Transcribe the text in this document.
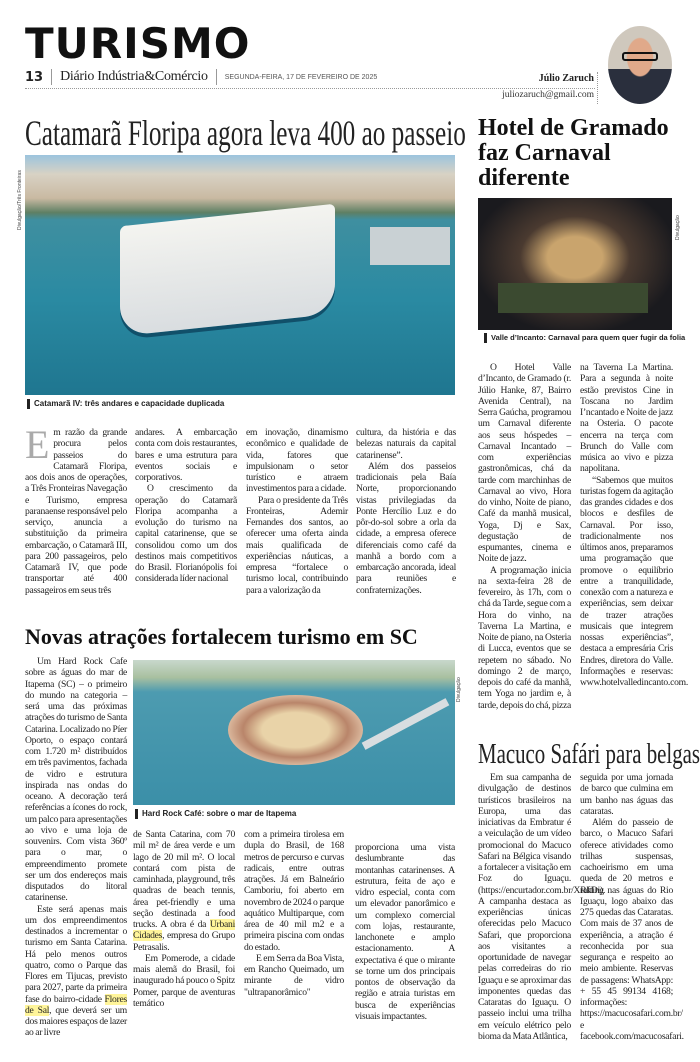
TURISMO
13 Diário Indústria&Comércio SEGUNDA-FEIRA, 17 DE FEVEREIRO DE 2025	Júlio Zaruch
juliozaruch@gmail.com
Catamarã Floripa agora leva 400 ao passeio
Divulgação/Três Fronteiras
Catamarã IV: três andares e capacidade duplicada
Em razão da grande procura pelos passeios do Catamarã Floripa, aos dois anos de operações, a Três Fronteiras Navegação e Turismo, empresa paranaense responsável pelo serviço, anuncia a substituição da primeira embarcação, o Catamarã III, para 200 passageiros, pelo Catamarã IV, que pode transportar até 400 passageiros em seus três

andares. A embarcação conta com dois restaurantes, bares e uma estrutura para eventos sociais e corporativos.

O crescimento da operação do Catamarã Floripa acompanha a evolução do turismo na capital catarinense, que se consolidou como um dos destinos mais competitivos do Brasil. Florianópolis foi considerada líder nacional

em inovação, dinamismo econômico e qualidade de vida, fatores que impulsionam o setor turístico e atraem investimentos para a cidade.

Para o presidente da Três Fronteiras, Ademir Fernandes dos santos, ao oferecer uma oferta ainda mais qualificada de experiências náuticas, a empresa “fortalece o turismo local, contribuindo para a valorização da

cultura, da história e das belezas naturais da capital catarinense”.

Além dos passeios tradicionais pela Baía Norte, proporcionando vistas privilegiadas da Ponte Hercílio Luz e do pôr-do-sol sobre a orla da cidade, a empresa oferece diferenciais como café da manhã a bordo com a embarcação ancorada, ideal para reuniões e confraternizações.

Hotel de Gramado faz Carnaval diferente
Divulgação
Valle d’Incanto: Carnaval para quem quer fugir da folia

O Hotel Valle d’Incanto, de Gramado (r. Júlio Hanke, 87, Bairro Avenida Central), na Serra Gaúcha, programou um Carnaval diferente aos seus hóspedes – Carnaval Incantado – com experiências gastronômicas, chá da tarde com marchinhas de Carnaval ao vivo, Hora do vinho, Noite de piano, Café da manhã musical, Yoga, Dj e Sax, degustação de espumantes, cinema e Noite de jazz.

A programação inicia na sexta-feira 28 de fevereiro, às 17h, com o chá da Tarde, segue com a Hora do vinho, na Taverna La Martina, e Noite de piano, na Osteria di Lucca, eventos que se repetem no sábado. No domingo 2 de março, depois do café da manhã, tem Yoga no jardim e, à tarde, depois do chá, pizza

na Taverna La Martina. Para a segunda à noite estão previstos Cine in Toscana no Jardim I’ncantado e Noite de jazz na Osteria. O pacote encerra na terça com Brunch do Valle com música ao vivo e pizza napolitana.

“Sabemos que muitos turistas fogem da agitação das grandes cidades e dos blocos e desfiles de Carnaval. Por isso, tradicionalmente nos últimos anos, preparamos uma programação que promove o equilíbrio entre a tranquilidade, conexão com a natureza e experiências, sem deixar de trazer atrações musicais que integrem nossas experiências”, destaca a empresária Cris Endres, diretora do Valle. Informações e reservas: www.hotelvalledincanto.com.

Novas atrações fortalecem turismo em SC

Um Hard Rock Cafe sobre as águas do mar de Itapema (SC) – o primeiro do mundo na categoria – será uma das próximas atrações do turismo de Santa Catarina. Localizado no Píer Oporto, o espaço contará com 1.720 m² distribuídos em três pavimentos, fachada de vidro e estrutura inspirada nas ondas do oceano. A decoração terá referências a ícones do rock, um palco para apresentações ao vivo e uma loja de souvenirs. Com vista 360º para o mar, o empreendimento promete ser um dos endereços mais disputados do litoral catarinense.

Este será apenas mais um dos empreendimentos destinados a incrementar o turismo em Santa Catarina. Há pelo menos outros quatro, como o Parque das Flores em Tijucas, previsto para 2027, parte da primeira fase do bairro-cidade Flores de Sal, que deverá ser um dos maiores espaços de lazer ao ar livre

Divulgação
Hard Rock Café: sobre o mar de Itapema

de Santa Catarina, com 70 mil m² de área verde e um lago de 20 mil m². O local contará com pista de caminhada, playground, três quadras de beach tennis, área pet-friendly e uma seção destinada a food trucks. A obra é da Urbani Cidades, empresa do Grupo Petrasalis.

Em Pomerode, a cidade mais alemã do Brasil, foi inaugurado há pouco o Spitz Pomer, parque de aventuras temático

com a primeira tirolesa em dupla do Brasil, de 168 metros de percurso e curvas radicais, entre outras atrações. Já em Balneário Camboriu, foi aberto em novembro de 2024 o parque aquático Multiparque, com área de 40 mil m2 e a primeira piscina com ondas do estado.

E em Serra da Boa Vista, em Rancho Queimado, um mirante de vidro "ultrapanorâmico"

proporciona uma vista deslumbrante das montanhas catarinenses. A estrutura, feita de aço e vidro especial, conta com um elevador panorâmico e um complexo comercial com lojas, restaurante, lanchonete e amplo estacionamento. A expectativa é que o mirante se torne um dos principais pontos de observação da região e atraia turistas em busca de experiências visuais impactantes.

Macuco Safári para belgas

Em sua campanha de divulgação de destinos turísticos brasileiros na Europa, uma das iniciativas da Embratur é a veiculação de um vídeo promocional do Macuco Safari na Bélgica visando a fortalecer a visitação em Foz do Iguaçu. (https://encurtador.com.br/XRkDi). A campanha destaca as experiências únicas oferecidas pelo Macuco Safari, que proporciona aos visitantes a oportunidade de navegar pelas corredeiras do rio Iguaçu e se aproximar das imponentes quedas das Cataratas do Iguaçu. O passeio inclui uma trilha em veículo elétrico pelo bioma da Mata Atlântica,

seguida por uma jornada de barco que culmina em um banho nas águas das cataratas.

Além do passeio de barco, o Macuco Safari oferece atividades como trilhas suspensas, cachoeirismo em uma queda de 20 metros e rafting nas águas do Rio Iguaçu, logo abaixo das 275 quedas das Cataratas. Com mais de 37 anos de experiência, a atração é reconhecida por sua segurança e respeito ao meio ambiente. Reservas de passagens: WhatsApp: + 55 45 99134 4168; informações: https://macucosafari.com.br/ e facebook.com/macucosafari.
